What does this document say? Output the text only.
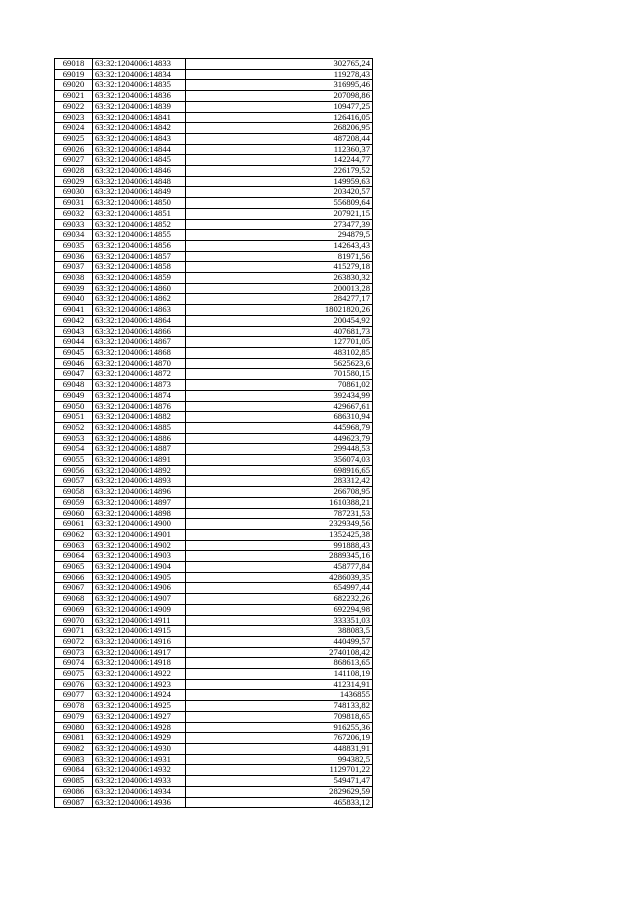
69018	63:32:1204006:14833	302765,24
69019	63:32:1204006:14834	119278,43
69020	63:32:1204006:14835	316995,46
69021	63:32:1204006:14836	207098,86
69022	63:32:1204006:14839	109477,25
69023	63:32:1204006:14841	126416,05
69024	63:32:1204006:14842	268206,95
69025	63:32:1204006:14843	487208,44
69026	63:32:1204006:14844	112360,37
69027	63:32:1204006:14845	142244,77
69028	63:32:1204006:14846	226179,52
69029	63:32:1204006:14848	149959,63
69030	63:32:1204006:14849	203420,57
69031	63:32:1204006:14850	556809,64
69032	63:32:1204006:14851	207921,15
69033	63:32:1204006:14852	273477,39
69034	63:32:1204006:14855	294879,5
69035	63:32:1204006:14856	142643,43
69036	63:32:1204006:14857	81971,56
69037	63:32:1204006:14858	415279,18
69038	63:32:1204006:14859	263830,32
69039	63:32:1204006:14860	200013,28
69040	63:32:1204006:14862	284277,17
69041	63:32:1204006:14863	18021820,26
69042	63:32:1204006:14864	200454,92
69043	63:32:1204006:14866	407681,73
69044	63:32:1204006:14867	127701,05
69045	63:32:1204006:14868	483102,85
69046	63:32:1204006:14870	5625623,6
69047	63:32:1204006:14872	701580,15
69048	63:32:1204006:14873	70861,02
69049	63:32:1204006:14874	392434,99
69050	63:32:1204006:14876	429667,61
69051	63:32:1204006:14882	686310,94
69052	63:32:1204006:14885	445968,79
69053	63:32:1204006:14886	449623,79
69054	63:32:1204006:14887	299448,53
69055	63:32:1204006:14891	356074,03
69056	63:32:1204006:14892	698916,65
69057	63:32:1204006:14893	283312,42
69058	63:32:1204006:14896	266708,95
69059	63:32:1204006:14897	1610388,21
69060	63:32:1204006:14898	787231,53
69061	63:32:1204006:14900	2329349,56
69062	63:32:1204006:14901	1352425,38
69063	63:32:1204006:14902	991888,43
69064	63:32:1204006:14903	2889345,16
69065	63:32:1204006:14904	458777,84
69066	63:32:1204006:14905	4286039,35
69067	63:32:1204006:14906	654997,44
69068	63:32:1204006:14907	682232,26
69069	63:32:1204006:14909	692294,98
69070	63:32:1204006:14911	333351,03
69071	63:32:1204006:14915	388083,5
69072	63:32:1204006:14916	440499,57
69073	63:32:1204006:14917	2740108,42
69074	63:32:1204006:14918	868613,65
69075	63:32:1204006:14922	141108,19
69076	63:32:1204006:14923	412314,91
69077	63:32:1204006:14924	1436855
69078	63:32:1204006:14925	748133,82
69079	63:32:1204006:14927	709818,65
69080	63:32:1204006:14928	916255,36
69081	63:32:1204006:14929	767206,19
69082	63:32:1204006:14930	448831,91
69083	63:32:1204006:14931	994382,5
69084	63:32:1204006:14932	1129701,22
69085	63:32:1204006:14933	549471,47
69086	63:32:1204006:14934	2829629,59
69087	63:32:1204006:14936	465833,12
